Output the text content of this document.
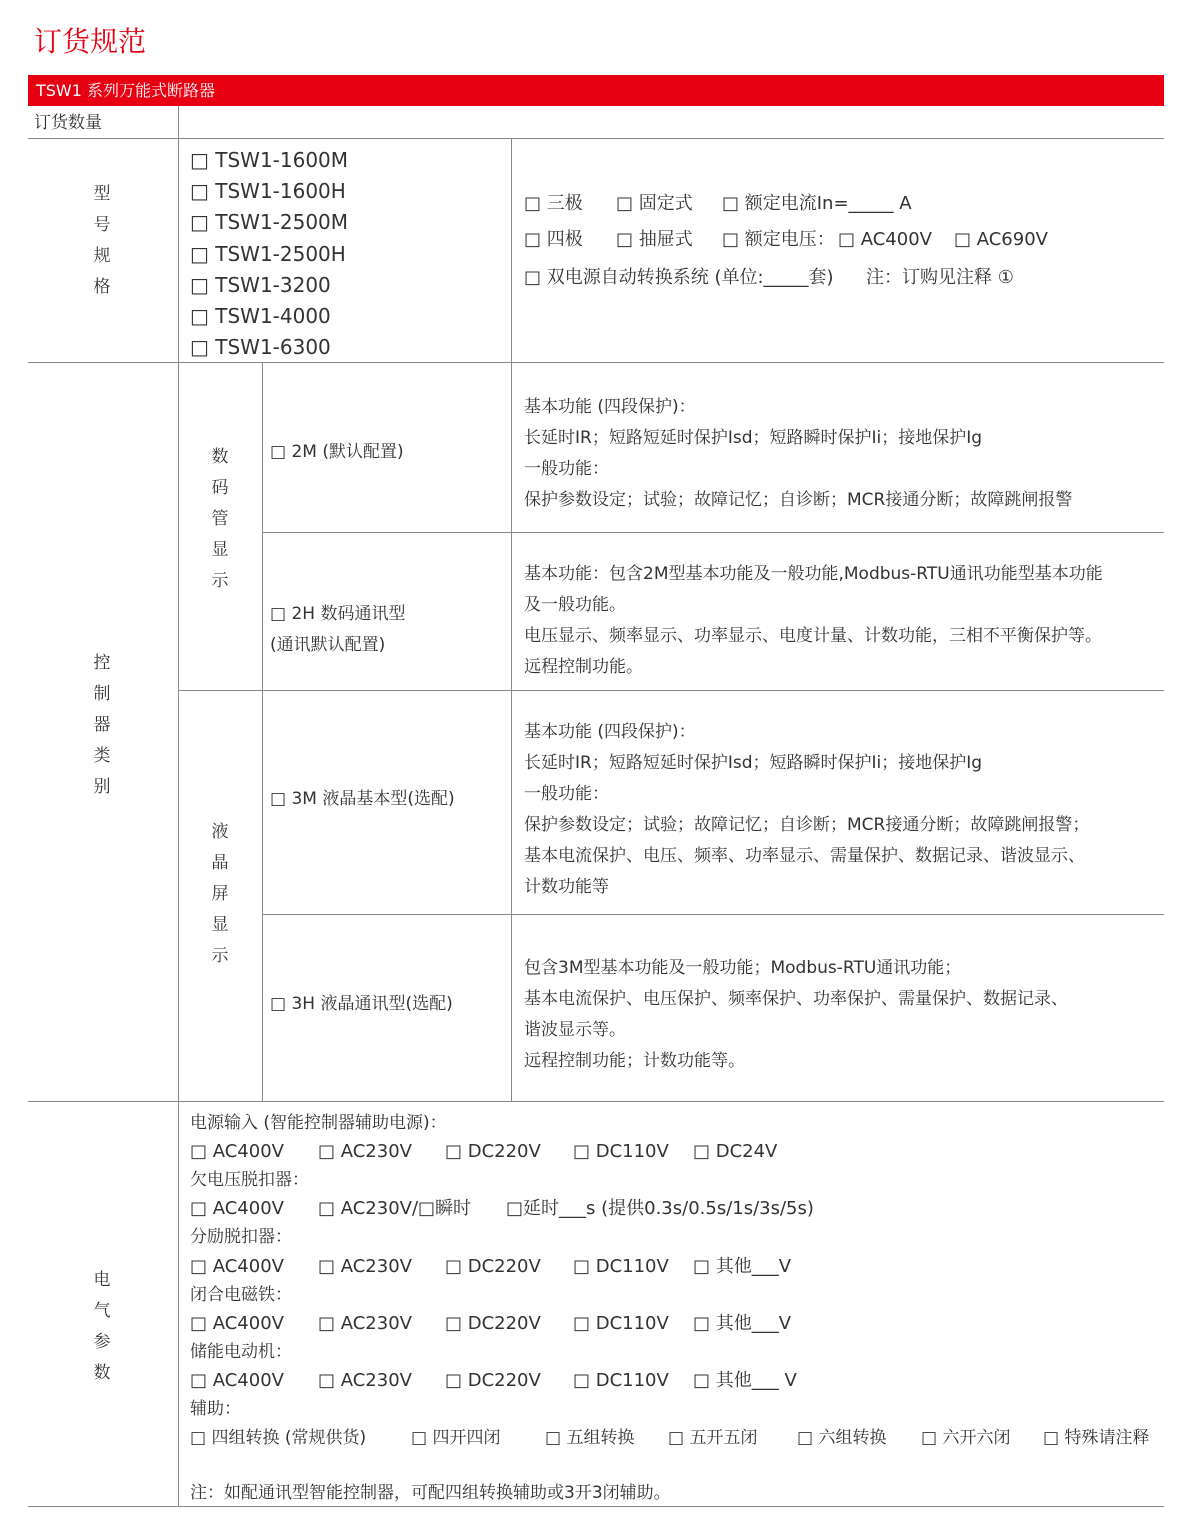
订货规范
TSW1 系列万能式断路器
订货数量
型
号
规
格
□ TSW1-1600M
□ TSW1-1600H
□ TSW1-2500M
□ TSW1-2500H
□ TSW1-3200
□ TSW1-4000
□ TSW1-6300
□ 三极 □ 固定式 □ 额定电流In=_____ A
□ 四极 □ 抽屉式 □ 额定电压： □ AC400V □ AC690V
□ 双电源自动转换系统 (单位:_____套) 注：订购见注释 ①
控
制
器
类
别
数
码
管
显
示
液
晶
屏
显
示
□ 2M (默认配置)
基本功能 (四段保护)：
长延时IR；短路短延时保护Isd；短路瞬时保护Ii；接地保护Ig
一般功能：
保护参数设定；试验；故障记忆；自诊断；MCR接通分断；故障跳闸报警
□ 2H 数码通讯型
(通讯默认配置)
基本功能：包含2M型基本功能及一般功能,Modbus-RTU通讯功能型基本功能
及一般功能。
电压显示、频率显示、功率显示、电度计量、计数功能，三相不平衡保护等。
远程控制功能。
□ 3M 液晶基本型(选配)
基本功能 (四段保护)：
长延时IR；短路短延时保护Isd；短路瞬时保护Ii；接地保护Ig
一般功能：
保护参数设定；试验；故障记忆；自诊断；MCR接通分断；故障跳闸报警；
基本电流保护、电压、频率、功率显示、需量保护、数据记录、谐波显示、
计数功能等
□ 3H 液晶通讯型(选配)
包含3M型基本功能及一般功能；Modbus-RTU通讯功能；
基本电流保护、电压保护、频率保护、功率保护、需量保护、数据记录、
谐波显示等。
远程控制功能；计数功能等。
电
气
参
数
电源输入 (智能控制器辅助电源)：
□ AC400V □ AC230V □ DC220V □ DC110V □ DC24V
欠电压脱扣器：
□ AC400V □ AC230V/□瞬时 □延时___s (提供0.3s/0.5s/1s/3s/5s)
分励脱扣器：
□ AC400V □ AC230V □ DC220V □ DC110V □ 其他___V
闭合电磁铁：
□ AC400V □ AC230V □ DC220V □ DC110V □ 其他___V
储能电动机：
□ AC400V □ AC230V □ DC220V □ DC110V □ 其他___ V
辅助：
□ 四组转换 (常规供货)	□ 四开四闭	□ 五组转换 □ 五开五闭 □ 六组转换 □ 六开六闭 □ 特殊请注释
注：如配通讯型智能控制器，可配四组转换辅助或3开3闭辅助。
